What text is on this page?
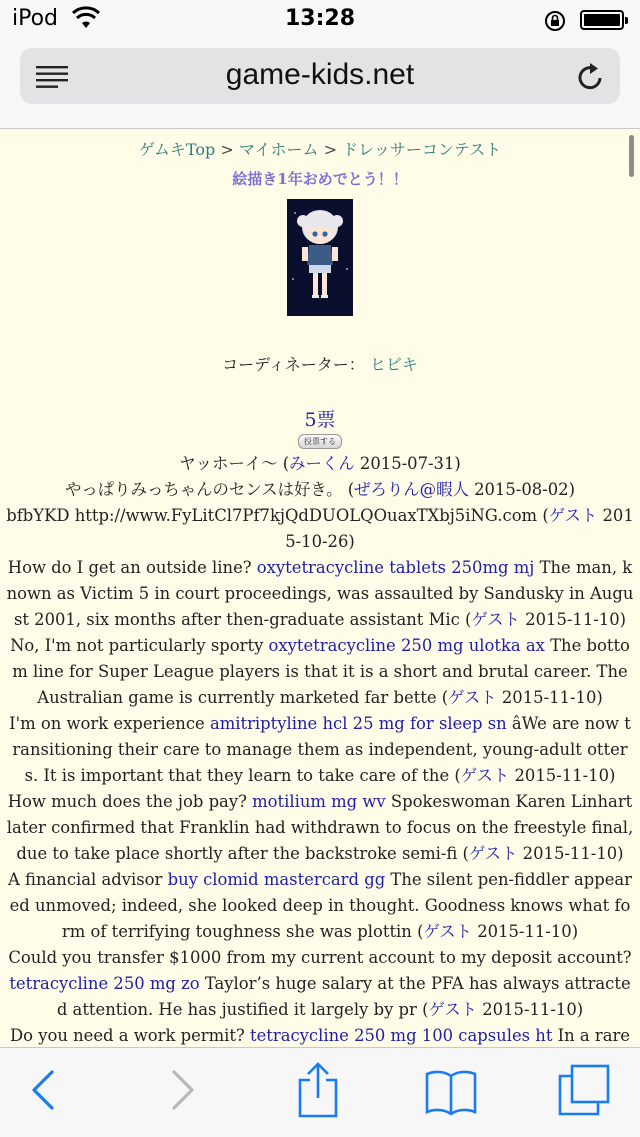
iPod	13:28
game-kids.net
ゲムキTop > マイホーム > ドレッサーコンテスト
絵描き1年おめでとう！！
コーディネーター： ヒビキ
5票
投票する
ヤッホーイ〜 (みーくん 2015-07-31)
やっぱりみっちゃんのセンスは好き。 (ぜろりん@暇人 2015-08-02)
bfbYKD http://www.FyLitCl7Pf7kjQdDUOLQOuaxTXbj5iNG.com (ゲスト 2015-10-26)
How do I get an outside line? oxytetracycline tablets 250mg mj The man, known as Victim 5 in court proceedings, was assaulted by Sandusky in August 2001, six months after then-graduate assistant Mic (ゲスト 2015-11-10)
No, I'm not particularly sporty oxytetracycline 250 mg ulotka ax The bottom line for Super League players is that it is a short and brutal career. The Australian game is currently marketed far bette (ゲスト 2015-11-10)
I'm on work experience amitriptyline hcl 25 mg for sleep sn âWe are now transitioning their care to manage them as independent, young-adult otters. It is important that they learn to take care of the (ゲスト 2015-11-10)
How much does the job pay? motilium mg wv Spokeswoman Karen Linhart later confirmed that Franklin had withdrawn to focus on the freestyle final, due to take place shortly after the backstroke semi-fi (ゲスト 2015-11-10)
A financial advisor buy clomid mastercard gg The silent pen-fiddler appeared unmoved; indeed, she looked deep in thought. Goodness knows what form of terrifying toughness she was plottin (ゲスト 2015-11-10)
Could you transfer $1000 from my current account to my deposit account? tetracycline 250 mg zo Taylor’s huge salary at the PFA has always attracted attention. He has justified it largely by pr (ゲスト 2015-11-10)
Do you need a work permit? tetracycline 250 mg 100 capsules ht In a rare
